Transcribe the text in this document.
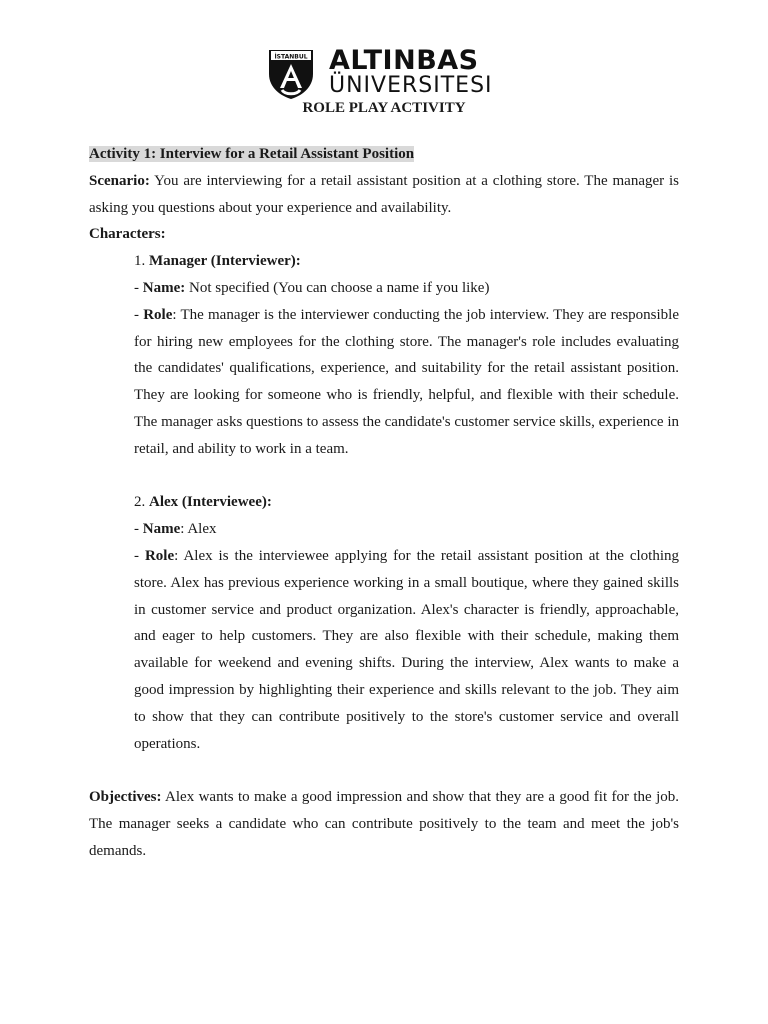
İSTANBUL ALTINBAS
ÜNIVERSITESI
ROLE PLAY ACTIVITY

Activity 1: Interview for a Retail Assistant Position

Scenario: You are interviewing for a retail assistant position at a clothing store. The manager is asking you questions about your experience and availability.

Characters:

1. Manager (Interviewer):

- Name: Not specified (You can choose a name if you like)

- Role: The manager is the interviewer conducting the job interview. They are responsible for hiring new employees for the clothing store. The manager's role includes evaluating the candidates' qualifications, experience, and suitability for the retail assistant position. They are looking for someone who is friendly, helpful, and flexible with their schedule. The manager asks questions to assess the candidate's customer service skills, experience in retail, and ability to work in a team.

2. Alex (Interviewee):

- Name: Alex

- Role: Alex is the interviewee applying for the retail assistant position at the clothing store. Alex has previous experience working in a small boutique, where they gained skills in customer service and product organization. Alex's character is friendly, approachable, and eager to help customers. They are also flexible with their schedule, making them available for weekend and evening shifts. During the interview, Alex wants to make a good impression by highlighting their experience and skills relevant to the job. They aim to show that they can contribute positively to the store's customer service and overall operations.

Objectives: Alex wants to make a good impression and show that they are a good fit for the job. The manager seeks a candidate who can contribute positively to the team and meet the job's demands.
